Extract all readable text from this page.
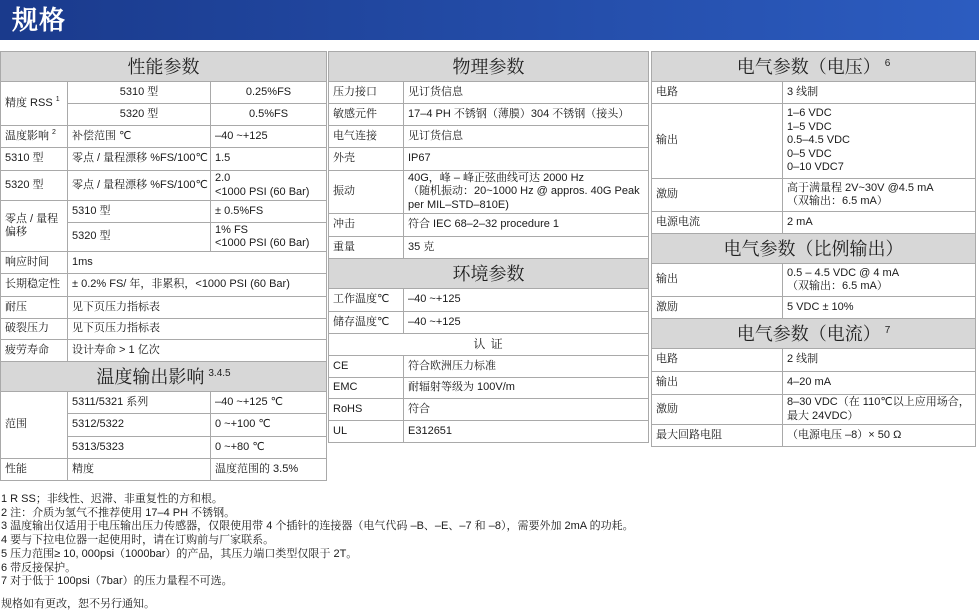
规格
性能参数		
精度 RSS $^1$	5310 型	0.25%FS
	5320 型	0.5%FS
温度影响 $^2$	补偿范围 ℃	–40 ~+125
5310 型	零点 / 量程漂移 %FS/100℃	1.5
5320 型	零点 / 量程漂移 %FS/100℃	2.0
<1000 PSI (60 Bar)
零点 / 量程
偏移	5310 型	± 0.5%FS
	5320 型	1% FS
<1000 PSI (60 Bar)
响应时间	1ms	
长期稳定性	± 0.2% FS/ 年，非累积，<1000 PSI (60 Bar)	
耐压	见下页压力指标表	
破裂压力	见下页压力指标表	
疲劳寿命	设计寿命 > 1 亿次	
温度输出影响 $^{3.4.5}$
范围	5311/5321 系列	–40 ~+125 ℃
	5312/5322	0 ~+100 ℃
	5313/5323	0 ~+80 ℃
性能	精度	温度范围的 3.5%
物理参数	
压力接口	见订货信息
敏感元件	17–4 PH 不锈钢（薄膜）304 不锈钢（接头）
电气连接	见订货信息
外壳	IP67
振动	40G，峰 – 峰正弦曲线可达 2000 Hz
（随机振动：20~1000 Hz @ appros. 40G Peak
per MIL–STD–810E)
冲击	符合 IEC 68–2–32 procedure 1
重量	35 克
环境参数	
工作温度℃	–40 ~+125
储存温度℃	–40 ~+125
认 证	
CE	符合欧洲压力标准
EMC	耐辐射等级为 100V/m
RoHS	符合
UL	E312651
电气参数（电压） $^6$
电路	3 线制
输出	1–6 VDC
1–5 VDC
0.5–4.5 VDC
0–5 VDC
0–10 VDC7
激励	高于满量程 2V~30V @4.5 mA
（双输出：6.5 mA）
电源电流	2 mA
电气参数（比例输出）	
输出	0.5 – 4.5 VDC @ 4 mA
（双输出：6.5 mA）
激励	5 VDC ± 10%
电气参数（电流） $^7$
电路	2 线制
输出	4–20 mA
激励	8–30 VDC（在 110℃以上应用场合，
最大 24VDC）
最大回路电阻	（电源电压 –8）× 50 Ω
1 R SS；非线性、迟滞、非重复性的方和根。
2 注：介质为氢气不推荐使用 17–4 PH 不锈钢。
3 温度输出仅适用于电压输出压力传感器，仅限使用带 4 个插针的连接器（电气代码 –B、–E、–7 和 –8），需要外加 2mA 的功耗。
4 要与下拉电位器一起使用时，请在订购前与厂家联系。
5 压力范围≥ 10, 000psi（1000bar）的产品，其压力端口类型仅限于 2T。
6 带反接保护。
7 对于低于 100psi（7bar）的压力量程不可选。
规格如有更改，恕不另行通知。
